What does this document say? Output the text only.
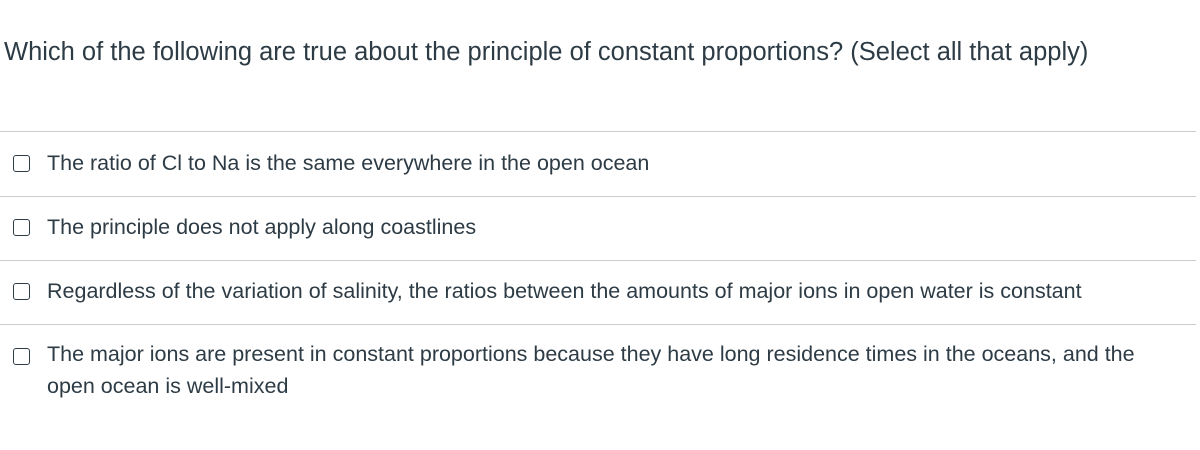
Which of the following are true about the principle of constant proportions? (Select all that apply)
The ratio of Cl to Na is the same everywhere in the open ocean
The principle does not apply along coastlines
Regardless of the variation of salinity, the ratios between the amounts of major ions in open water is constant
The major ions are present in constant proportions because they have long residence times in the oceans, and the open ocean is well-mixed
